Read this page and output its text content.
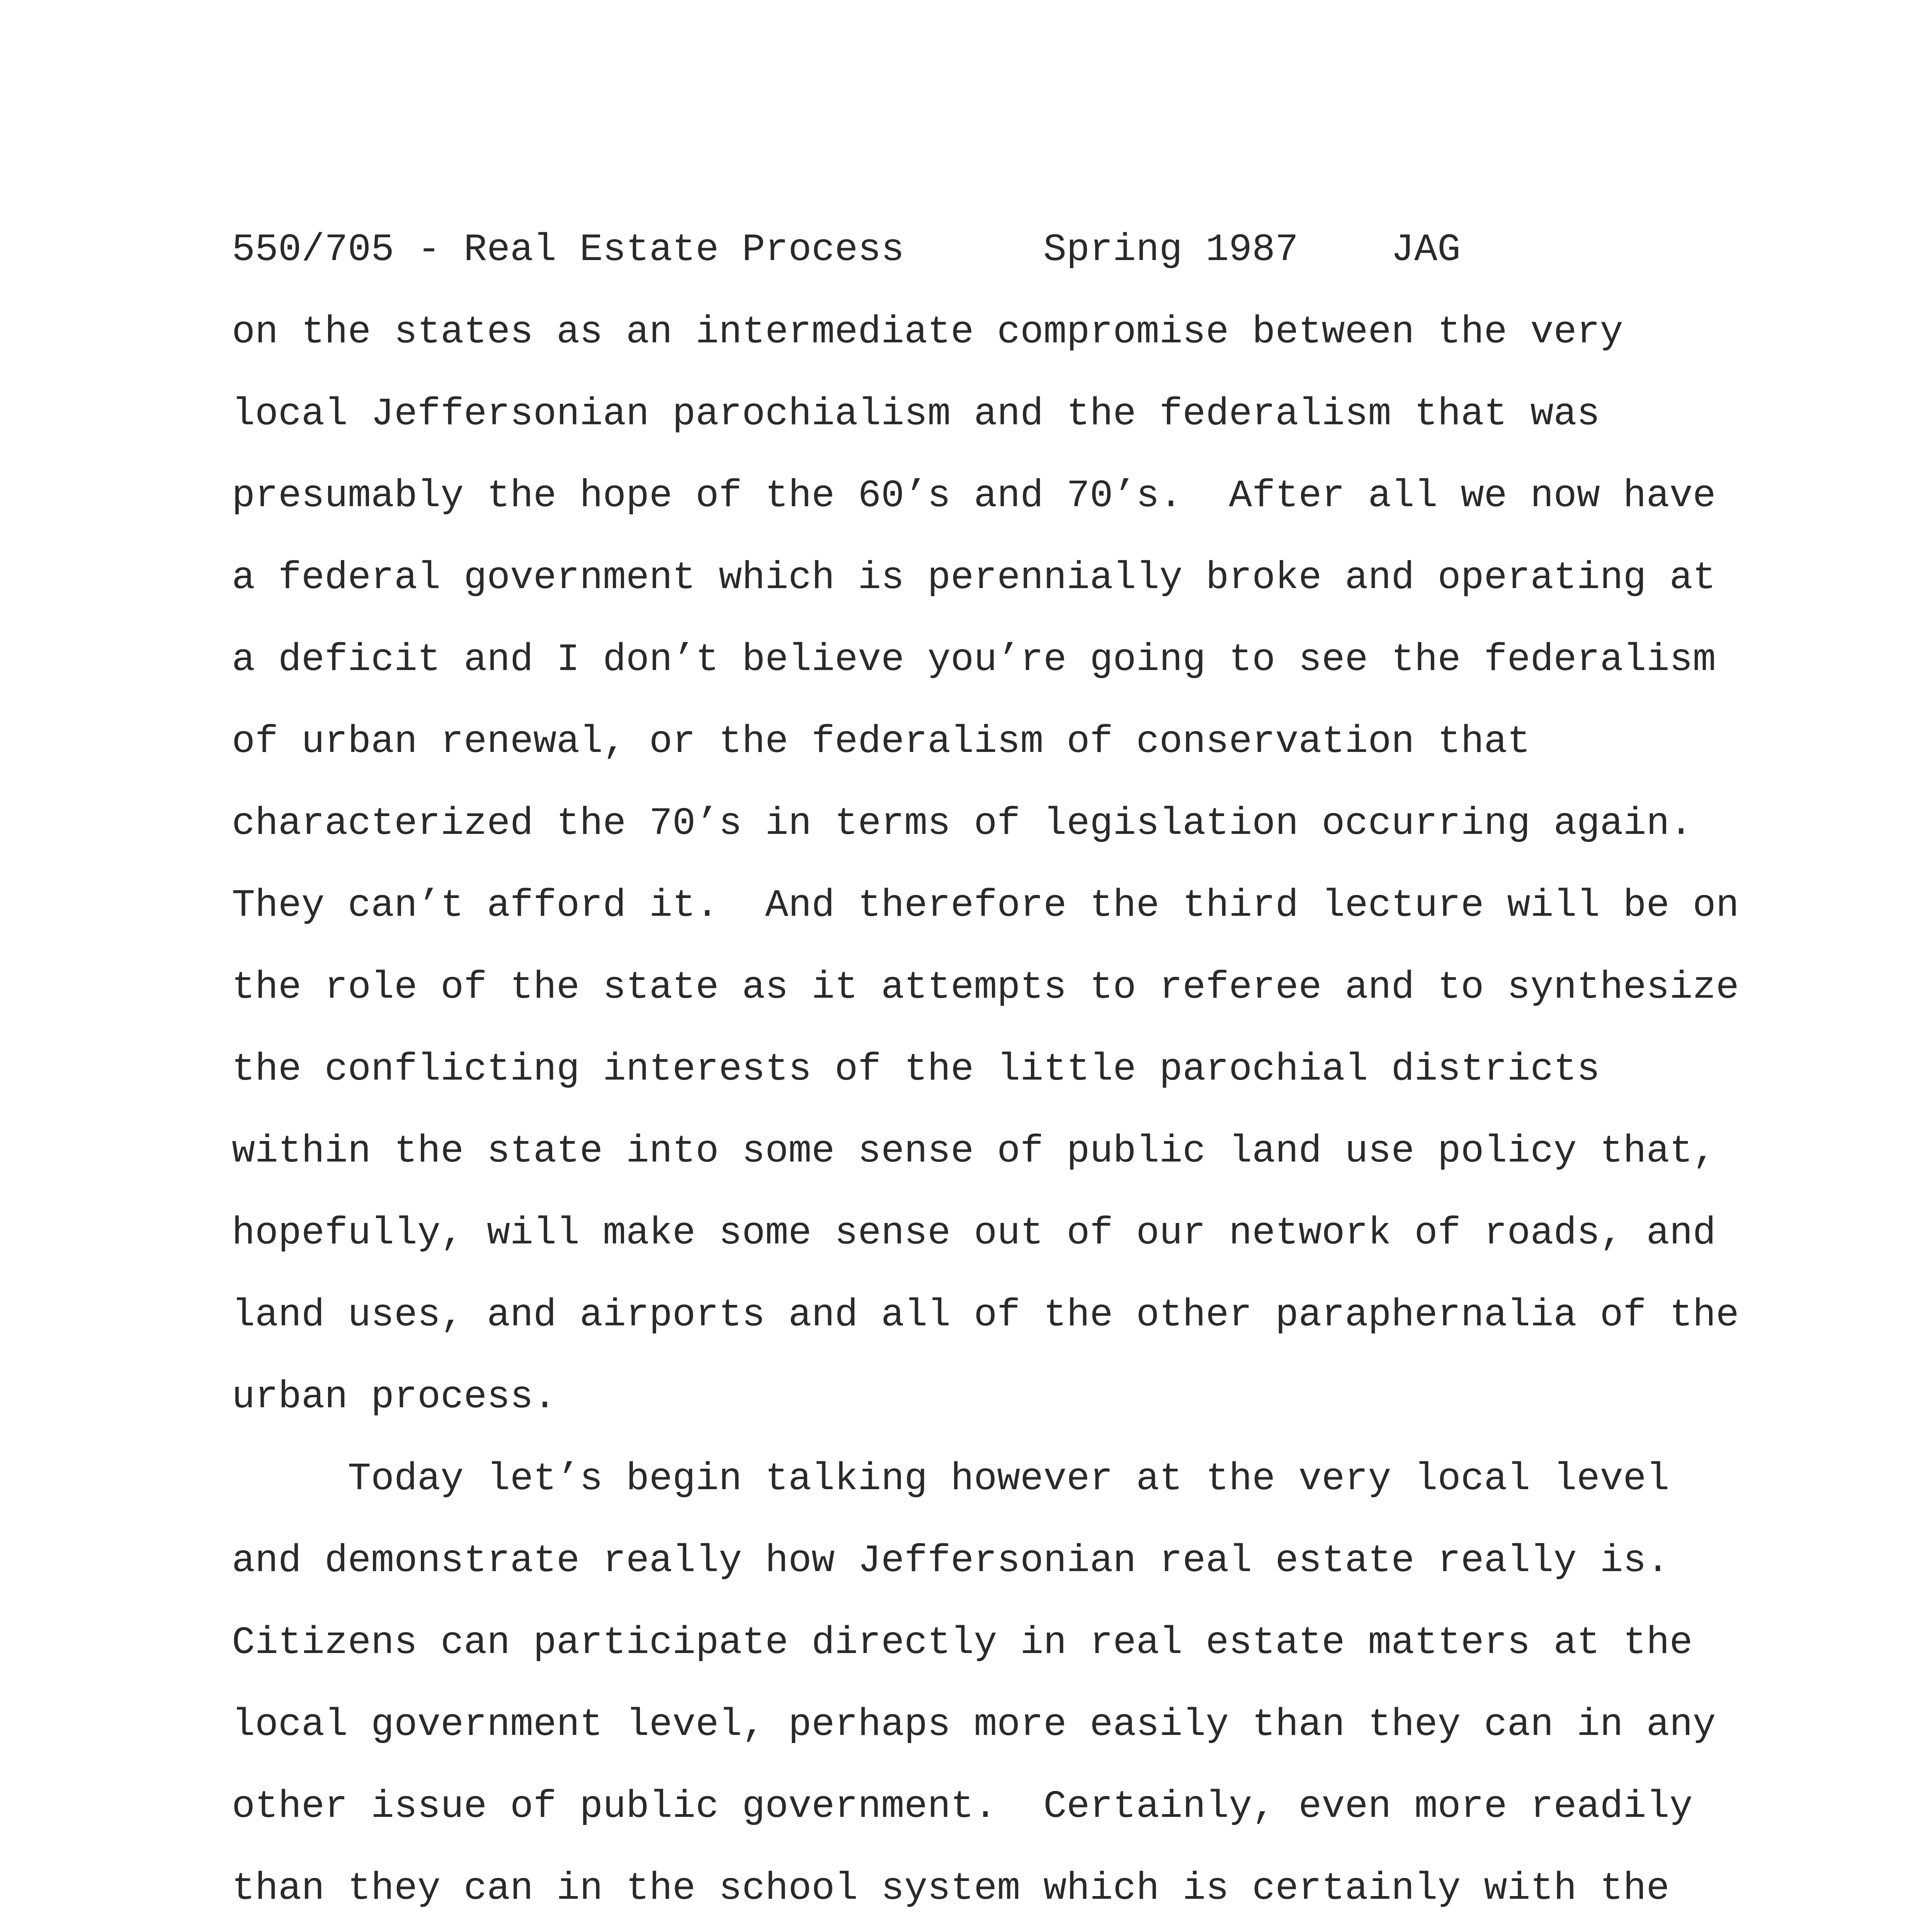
550/705 - Real Estate Process

	Spring 1987

JAG

on the states as an intermediate compromise between the very

local Jeffersonian parochialism and the federalism that was

presumably the hope of the 60’s and 70’s.  After all we now have

a federal government which is perennially broke and operating at

a deficit and I don’t believe you’re going to see the federalism

of urban renewal, or the federalism of conservation that

characterized the 70’s in terms of legislation occurring again.

They can’t afford it.  And therefore the third lecture will be on

the role of the state as it attempts to referee and to synthesize

the conflicting interests of the little parochial districts

within the state into some sense of public land use policy that,

hopefully, will make some sense out of our network of roads, and

land uses, and airports and all of the other paraphernalia of the

urban process.

Today let’s begin talking however at the very local level

and demonstrate really how Jeffersonian real estate really is.

Citizens can participate directly in real estate matters at the

local government level, perhaps more easily than they can in any

other issue of public government.  Certainly, even more readily

than they can in the school system which is certainly with the
